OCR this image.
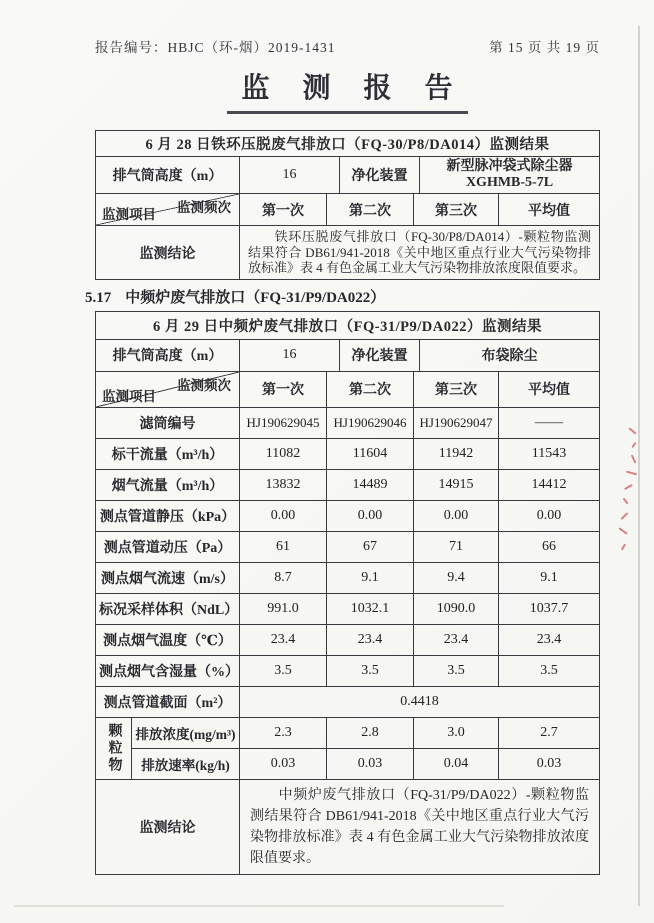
报告编号：HBJC（环-烟）2019-1431	第 15 页 共 19 页
监 测 报 告
6 月 28 日铁环压脱废气排放口（FQ-30/P8/DA014）监测结果
排气筒高度（m）	16	净化装置
新型脉冲袋式除尘器
XGHMB-5-7L
监测频次
监测项目	第一次	第二次	第三次	平均值
监测结论
铁环压脱废气排放口（FQ-30/P8/DA014）-颗粒物监测结果符合 DB61/941-2018《关中地区重点行业大气污染物排放标准》表 4 有色金属工业大气污染物排放浓度限值要求。
5.17 中频炉废气排放口（FQ-31/P9/DA022）
6 月 29 日中频炉废气排放口（FQ-31/P9/DA022）监测结果
排气筒高度（m）	16	净化装置	布袋除尘
监测频次
监测项目	第一次	第二次	第三次	平均值
滤筒编号	HJ190629045	HJ190629046	HJ190629047	——
标干流量（m³/h）	11082	11604	11942	11543
烟气流量（m³/h）	13832	14489	14915	14412
测点管道静压（kPa）	0.00	0.00	0.00	0.00
测点管道动压（Pa）	61	67	71	66
测点烟气流速（m/s）	8.7	9.1	9.4	9.1
标况采样体积（NdL）	991.0	1032.1	1090.0	1037.7
测点烟气温度（℃）	23.4	23.4	23.4	23.4
测点烟气含湿量（%）	3.5	3.5	3.5	3.5
测点管道截面（m²）	0.4418
颗粒物	排放浓度(mg/m³)	2.3	2.8	3.0	2.7
排放速率(kg/h)	0.03	0.03	0.04	0.03
监测结论
中频炉废气排放口（FQ-31/P9/DA022）-颗粒物监测结果符合 DB61/941-2018《关中地区重点行业大气污染物排放标准》表 4 有色金属工业大气污染物排放浓度限值要求。
